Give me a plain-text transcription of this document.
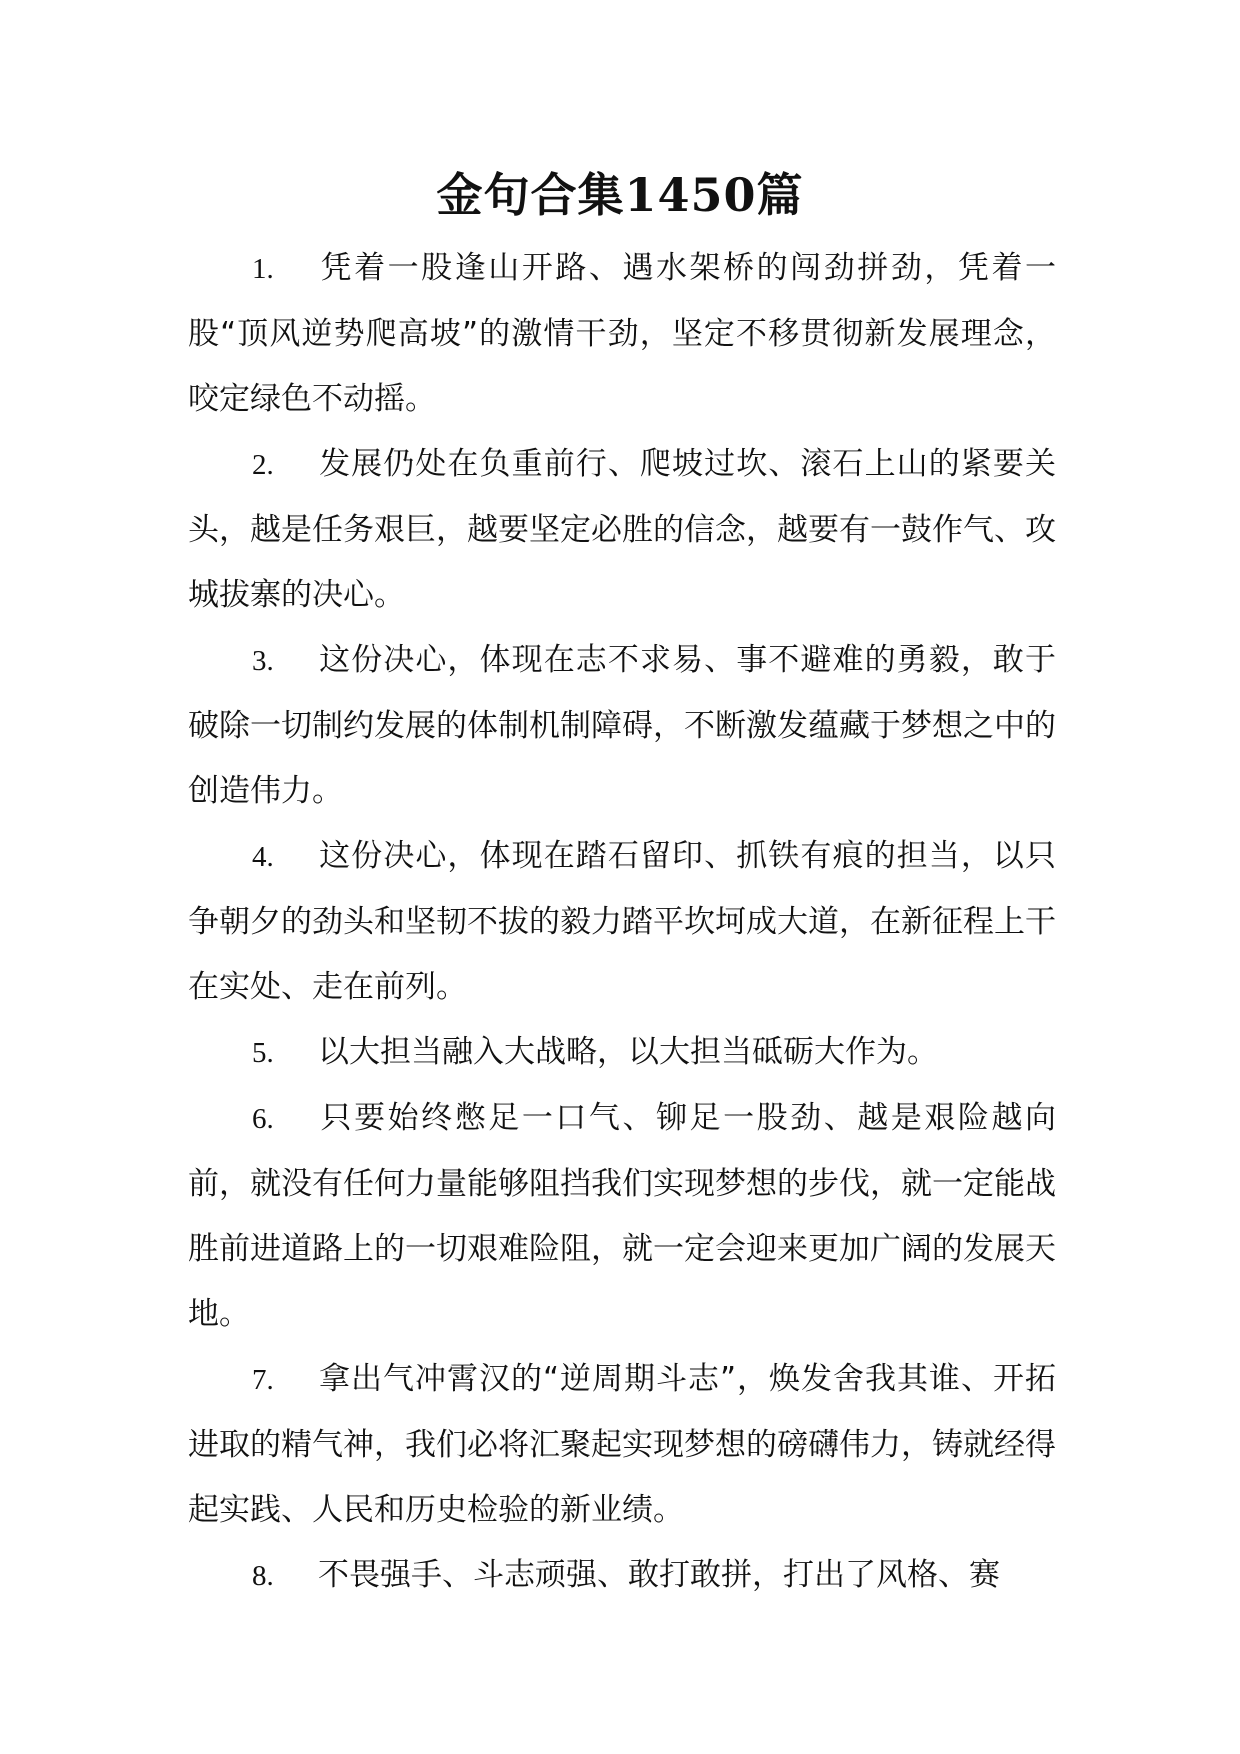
金句合集1450篇

1. 凭着一股逢山开路、遇水架桥的闯劲拼劲，凭着一股“顶风逆势爬高坡”的激情干劲，坚定不移贯彻新发展理念，咬定绿色不动摇。

2. 发展仍处在负重前行、爬坡过坎、滚石上山的紧要关头，越是任务艰巨，越要坚定必胜的信念，越要有一鼓作气、攻城拔寨的决心。

3. 这份决心，体现在志不求易、事不避难的勇毅，敢于破除一切制约发展的体制机制障碍，不断激发蕴藏于梦想之中的创造伟力。

4. 这份决心，体现在踏石留印、抓铁有痕的担当，以只争朝夕的劲头和坚韧不拔的毅力踏平坎坷成大道，在新征程上干在实处、走在前列。

5. 以大担当融入大战略，以大担当砥砺大作为。

6. 只要始终憋足一口气、铆足一股劲、越是艰险越向前，就没有任何力量能够阻挡我们实现梦想的步伐，就一定能战胜前进道路上的一切艰难险阻，就一定会迎来更加广阔的发展天地。

7. 拿出气冲霄汉的“逆周期斗志”，焕发舍我其谁、开拓进取的精气神，我们必将汇聚起实现梦想的磅礴伟力，铸就经得起实践、人民和历史检验的新业绩。

8. 不畏强手、斗志顽强、敢打敢拼，打出了风格、赛
